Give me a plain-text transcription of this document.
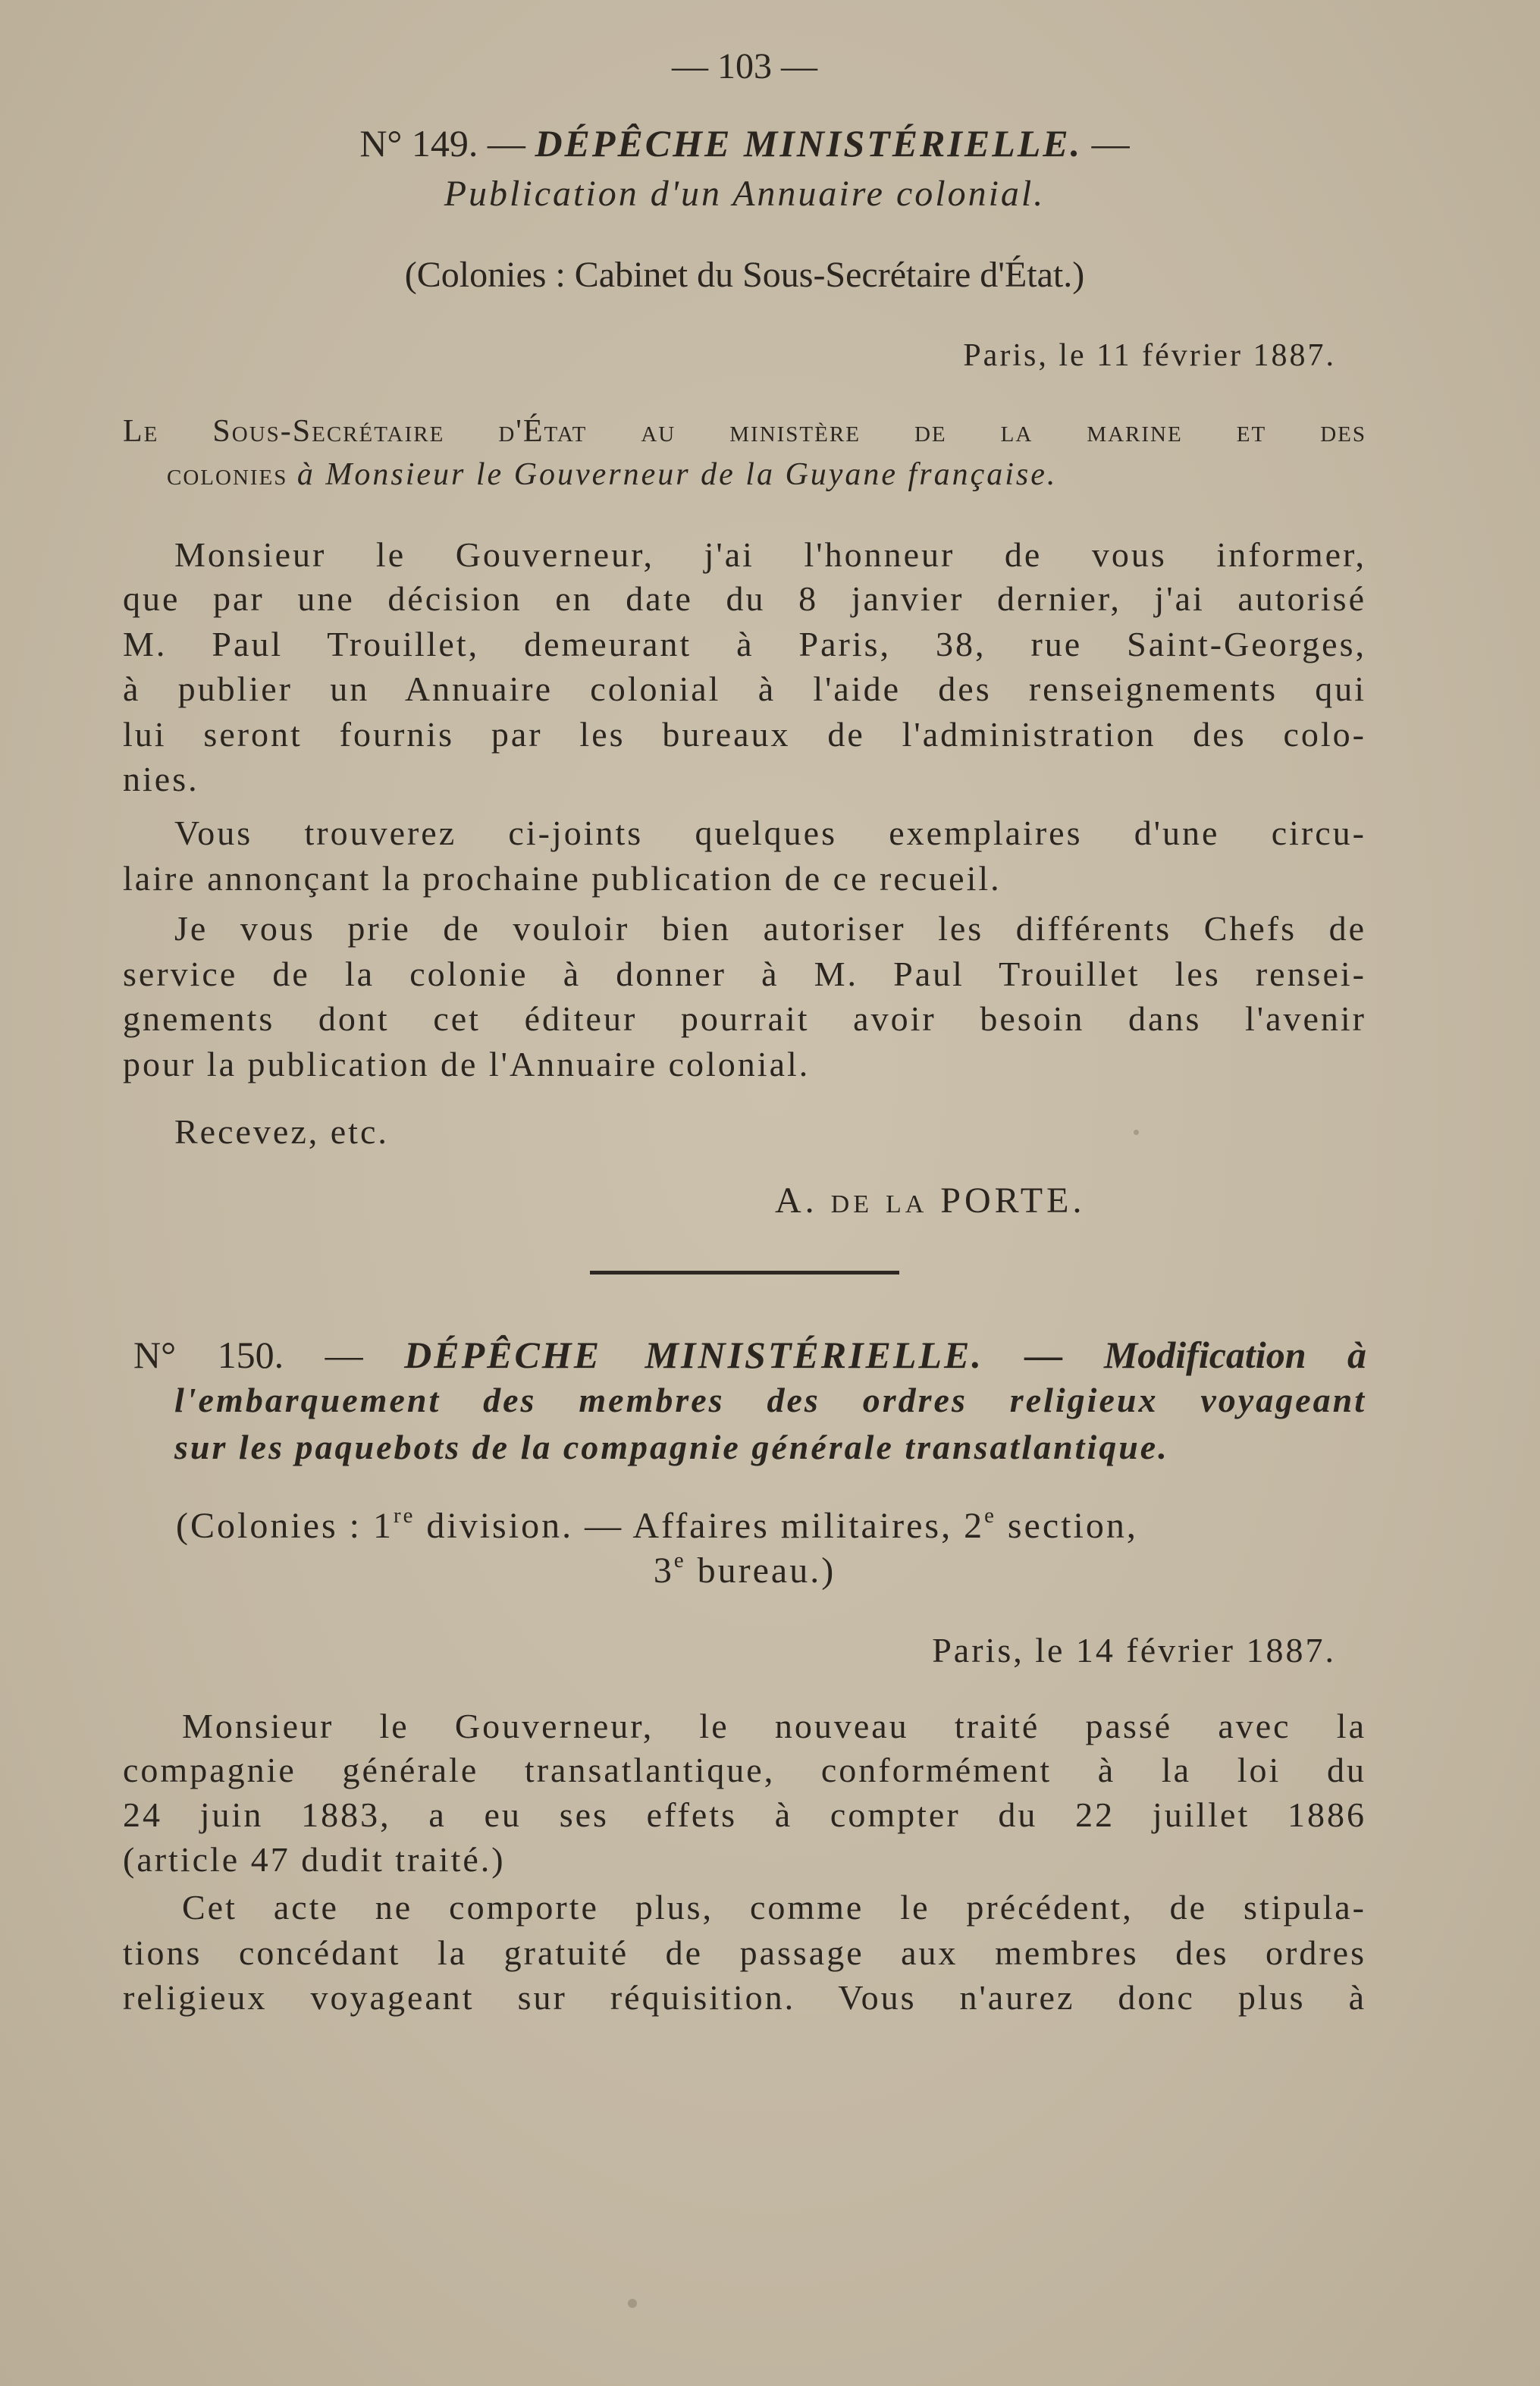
— 103 —
N° 149. — DÉPÊCHE MINISTÉRIELLE. —
Publication d'un Annuaire colonial.
(Colonies : Cabinet du Sous-Secrétaire d'État.)
Paris, le 11 février 1887.
Le Sous-Secrétaire d'État au ministère de la marine et des
colonies à Monsieur le Gouverneur de la Guyane française.
Monsieur le Gouverneur, j'ai l'honneur de vous informer,
que par une décision en date du 8 janvier dernier, j'ai autorisé
M. Paul Trouillet, demeurant à Paris, 38, rue Saint-Georges,
à publier un Annuaire colonial à l'aide des renseignements qui
lui seront fournis par les bureaux de l'administration des colo-
nies.
Vous trouverez ci-joints quelques exemplaires d'une circu-
laire annonçant la prochaine publication de ce recueil.
Je vous prie de vouloir bien autoriser les différents Chefs de
service de la colonie à donner à M. Paul Trouillet les rensei-
gnements dont cet éditeur pourrait avoir besoin dans l'avenir
pour la publication de l'Annuaire colonial.
Recevez, etc.
A. de la PORTE.
N° 150. — DÉPÊCHE MINISTÉRIELLE. — Modification à
l'embarquement des membres des ordres religieux voyageant
sur les paquebots de la compagnie générale transatlantique.
(Colonies : 1re division. — Affaires militaires, 2e section,
3e bureau.)
Paris, le 14 février 1887.
Monsieur le Gouverneur, le nouveau traité passé avec la
compagnie générale transatlantique, conformément à la loi du
24 juin 1883, a eu ses effets à compter du 22 juillet 1886
(article 47 dudit traité.)
Cet acte ne comporte plus, comme le précédent, de stipula-
tions concédant la gratuité de passage aux membres des ordres
religieux voyageant sur réquisition. Vous n'aurez donc plus à
